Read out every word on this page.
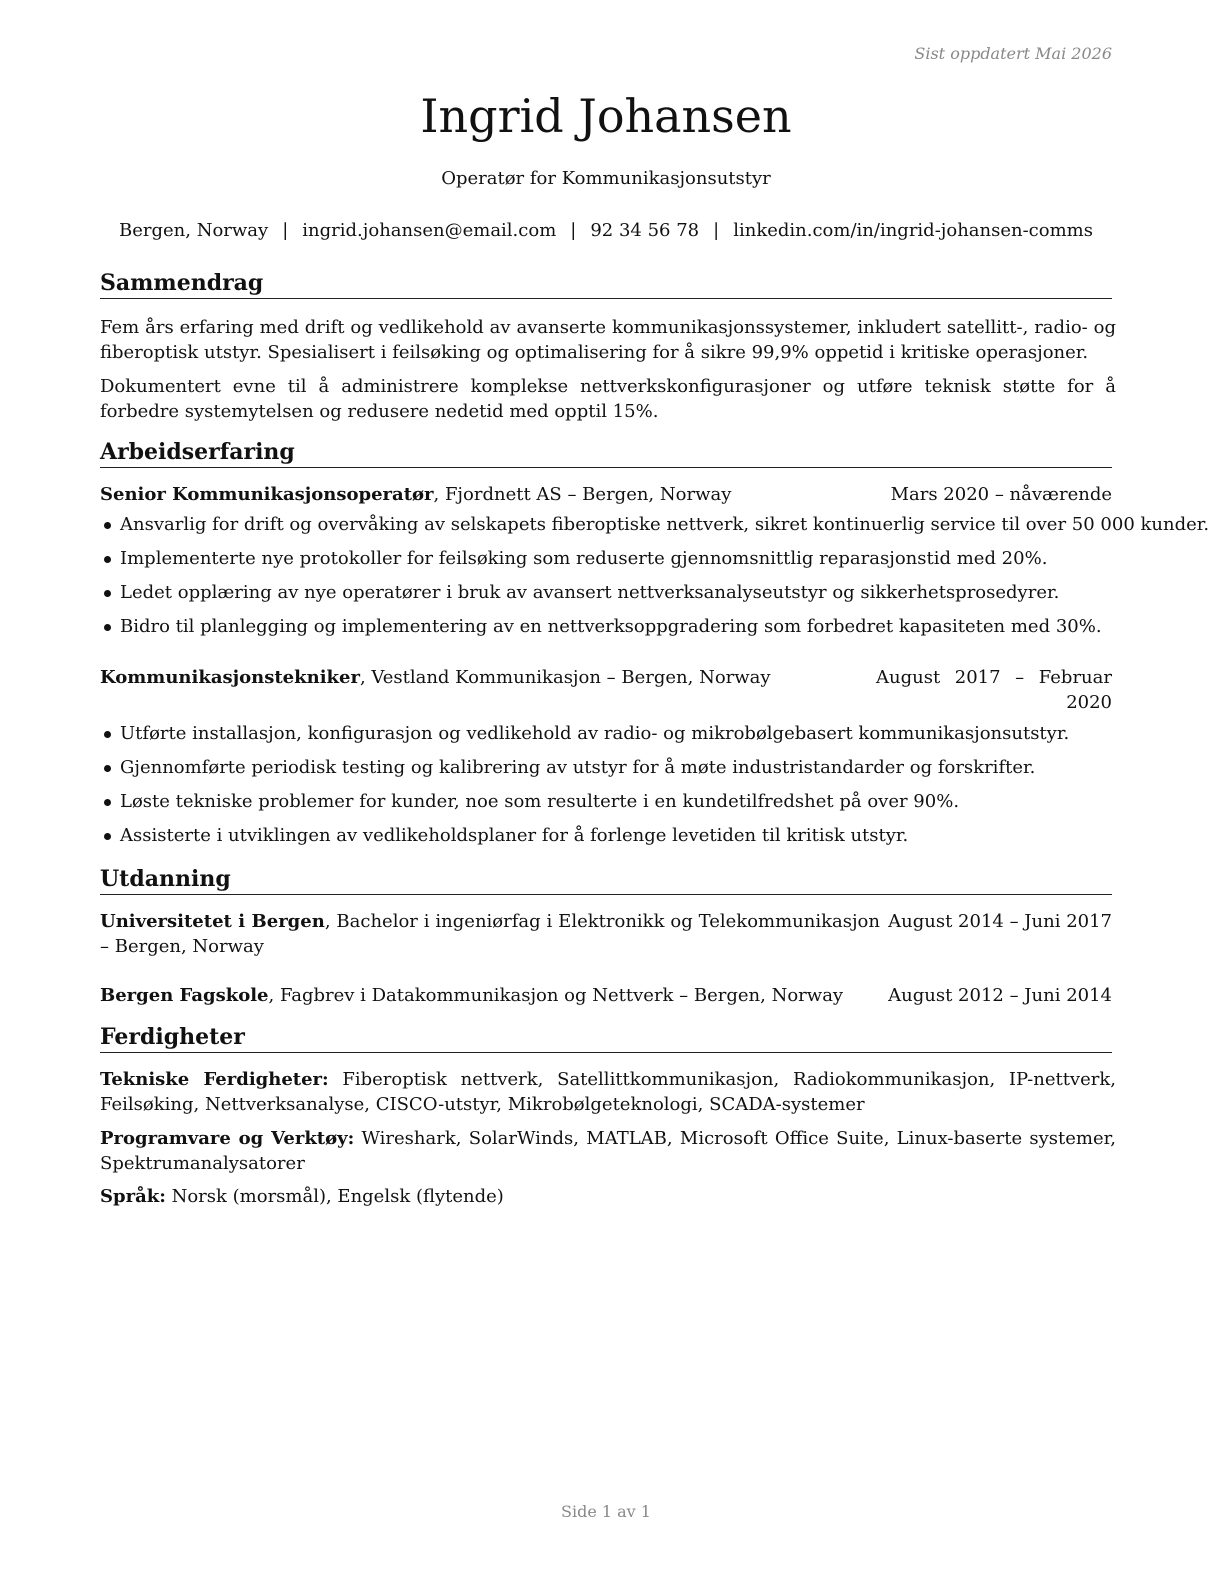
Sist oppdatert Mai 2026
Ingrid Johansen
Operatør for Kommunikasjonsutstyr
Bergen, Norway | ingrid.johansen@email.com | 92 34 56 78 | linkedin.com/in/ingrid-johansen-comms
Sammendrag
Fem års erfaring med drift og vedlikehold av avanserte kommunikasjonssystemer, inkludert satellitt-, radio- og fiberoptisk utstyr. Spesialisert i feilsøking og optimalisering for å sikre 99,9% oppetid i kritiske operasjoner.
Dokumentert evne til å administrere komplekse nettverkskonfigurasjoner og utføre teknisk støtte for å forbedre systemytelsen og redusere nedetid med opptil 15%.
Arbeidserfaring
Senior Kommunikasjonsoperatør, Fjordnett AS – Bergen, Norway	Mars 2020 – nåværende
Ansvarlig for drift og overvåking av selskapets fiberoptiske nettverk, sikret kontinuerlig service til over 50 000 kunder.
Implementerte nye protokoller for feilsøking som reduserte gjennomsnittlig reparasjonstid med 20%.
Ledet opplæring av nye operatører i bruk av avansert nettverksanalyseutstyr og sikkerhetsprosedyrer.
Bidro til planlegging og implementering av en nettverksoppgradering som forbedret kapasiteten med 30%.
Kommunikasjonstekniker, Vestland Kommunikasjon – Bergen, Norway	August 2017 – Februar 2020
Utførte installasjon, konfigurasjon og vedlikehold av radio- og mikrobølgebasert kommunikasjonsutstyr.
Gjennomførte periodisk testing og kalibrering av utstyr for å møte industristandarder og forskrifter.
Løste tekniske problemer for kunder, noe som resulterte i en kundetilfredshet på over 90%.
Assisterte i utviklingen av vedlikeholdsplaner for å forlenge levetiden til kritisk utstyr.
Utdanning
Universitetet i Bergen, Bachelor i ingeniørfag i Elektronikk og Telekommunikasjon – Bergen, Norway
August 2014 – Juni 2017
Bergen Fagskole, Fagbrev i Datakommunikasjon og Nettverk – Bergen, Norway	August 2012 – Juni 2014
Ferdigheter
Tekniske Ferdigheter: Fiberoptisk nettverk, Satellittkommunikasjon, Radiokommunikasjon, IP-nettverk, Feilsøking, Nettverksanalyse, CISCO-utstyr, Mikrobølgeteknologi, SCADA-systemer
Programvare og Verktøy: Wireshark, SolarWinds, MATLAB, Microsoft Office Suite, Linux-baserte systemer, Spektrumanalysatorer
Språk: Norsk (morsmål), Engelsk (flytende)
Side 1 av 1
